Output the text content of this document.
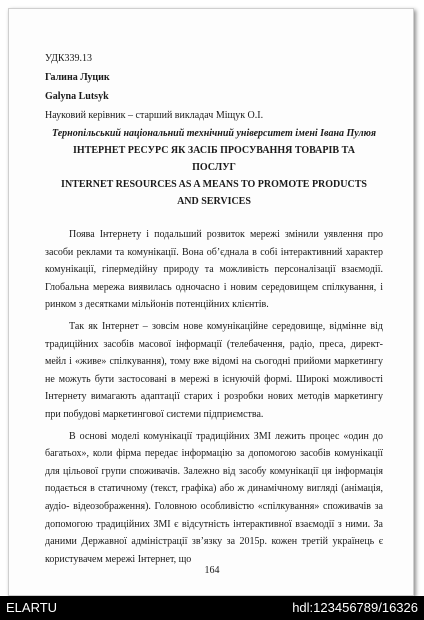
УДК339.13

Галина Луцик

Galyna Lutsyk

Науковий керівник – старший викладач Міщук О.І.

Тернопільський національний технічний університет імені Івана Пулюя

ІНТЕРНЕТ РЕСУРС ЯК ЗАСІБ ПРОСУВАННЯ ТОВАРІВ ТА
ПОСЛУГ
INTERNET RESOURCES AS A MEANS TO PROMOTE PRODUCTS
AND SERVICES

Поява Інтернету і подальший розвиток мережі змінили уявлення про засоби реклами та комунікації. Вона об’єднала в собі інтерактивний характер комунікації, гіпермедійну природу та можливість персоналізації взаємодії. Глобальна мережа виявилась одночасно і новим середовищем спілкування, і ринком з десятками мільйонів потенційних клієнтів.

Так як Інтернет – зовсім нове комунікаційне середовище, відмінне від традиційних засобів масової інформації (телебачення, радіо, преса, директ-мейл і «живе» спілкування), тому вже відомі на сьогодні прийоми маркетингу не можуть бути застосовані в мережі в існуючій формі. Широкі можливості Інтернету вимагають адаптації старих і розробки нових методів маркетингу при побудові маркетингової системи підприємства.

В основі моделі комунікації традиційних ЗМІ лежить процес «один до багатьох», коли фірма передає інформацію за допомогою засобів комунікації для цільової групи споживачів. Залежно від засобу комунікації ця інформація подається в статичному (текст, графіка) або ж динамічному вигляді (анімація, аудіо- відеозображення). Головною особливістю «спілкування» споживачів за допомогою традиційних ЗМІ є відсутність інтерактивної взаємодії з ними. За даними Державної адміністрації зв’язку за 2015р. кожен третій українець є користувачем мережі Інтернет, що

164
ELARTU	hdl:123456789/16326
